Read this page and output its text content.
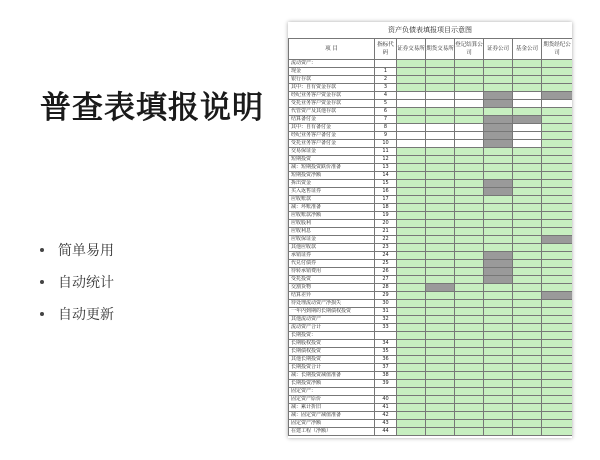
普查表填报说明
简单易用
自动统计
自动更新
资产负债表填报项目示意图
项 目	指标代码	证券交易所	期货交易所	登记结算公司	证券公司	基金公司	期货经纪公司
流动资产：							
现金	1						
银行存款	2						
其中：自有资金存款	3						
经纪业务客户资金存款	4						
受托业务客户资金存款	5						
代管资产及其他存款	6						
结算备付金	7						
其中：自有备付金	8						
经纪业务客户备付金	9						
受托业务客户备付金	10						
交易保证金	11						
短期投资	12						
减：短期投资跌价准备	13						
短期投资净额	14						
拆出资金	15						
买入返售证券	16						
应收账款	17						
减：坏账准备	18						
应收账款净额	19						
应收股利	20						
应收利息	21						
应收保证金	22						
其他应收款	23						
承销证券	24						
代兑付债券	25						
待转承销费用	26						
受托投资	27						
交割货物	28						
结算差异	29						
待处理流动资产净损失	30						
一年内到期的长期债权投资	31						
其他流动资产	32						
流动资产合计	33						
长期投资：							
长期股权投资	34						
长期债权投资	35						
其他长期投资	36						
长期投资合计	37						
减：长期投资减值准备	38						
长期投资净额	39						
固定资产：							
固定资产原价	40						
减：累计折旧	41						
减：固定资产减值准备	42						
固定资产净额	43						
在建工程（净额）	44						
